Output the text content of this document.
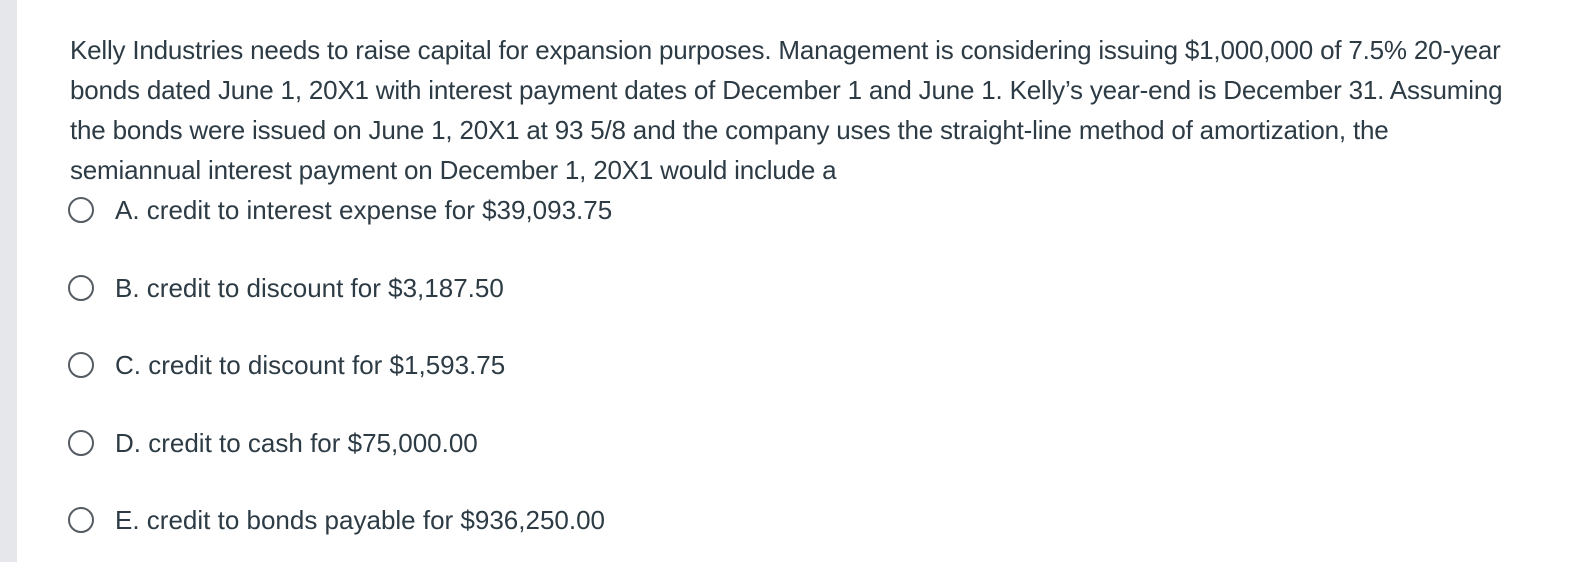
Kelly Industries needs to raise capital for expansion purposes. Management is considering issuing $1,000,000 of 7.5% 20-year bonds dated June 1, 20X1 with interest payment dates of December 1 and June 1. Kelly’s year-end is December 31. Assuming the bonds were issued on June 1, 20X1 at 93 5/8 and the company uses the straight-line method of amortization, the semiannual interest payment on December 1, 20X1 would include a
A. credit to interest expense for $39,093.75
B. credit to discount for $3,187.50
C. credit to discount for $1,593.75
D. credit to cash for $75,000.00
E. credit to bonds payable for $936,250.00
